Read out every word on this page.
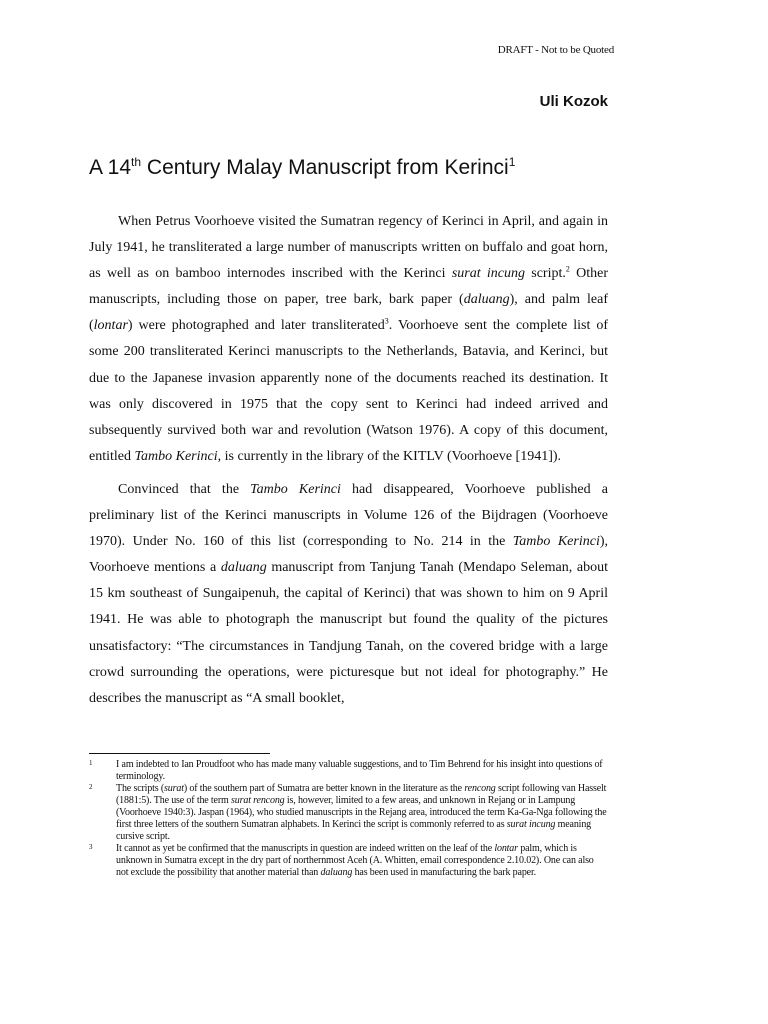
DRAFT - Not to be Quoted
Uli Kozok
A 14th Century Malay Manuscript from Kerinci$^1$

When Petrus Voorhoeve visited the Sumatran regency of Kerinci in April, and again in July 1941, he transliterated a large number of manuscripts written on buffalo and goat horn, as well as on bamboo internodes inscribed with the Kerinci surat incung script.$^2$ Other manuscripts, including those on paper, tree bark, bark paper (daluang), and palm leaf (lontar) were photographed and later transliterated$^3$. Voorhoeve sent the complete list of some 200 transliterated Kerinci manuscripts to the Netherlands, Batavia, and Kerinci, but due to the Japanese invasion apparently none of the documents reached its destination. It was only discovered in 1975 that the copy sent to Kerinci had indeed arrived and subsequently survived both war and revolution (Watson 1976). A copy of this document, entitled Tambo Kerinci, is currently in the library of the KITLV (Voorhoeve [1941]).

Convinced that the Tambo Kerinci had disappeared, Voorhoeve published a preliminary list of the Kerinci manuscripts in Volume 126 of the Bijdragen (Voorhoeve 1970). Under No. 160 of this list (corresponding to No. 214 in the Tambo Kerinci), Voorhoeve mentions a daluang manuscript from Tanjung Tanah (Mendapo Seleman, about 15 km southeast of Sungaipenuh, the capital of Kerinci) that was shown to him on 9 April 1941. He was able to photograph the manuscript but found the quality of the pictures unsatisfactory: “The circumstances in Tandjung Tanah, on the covered bridge with a large crowd surrounding the operations, were picturesque but not ideal for photography.” He describes the manuscript as “A small booklet,

1 I am indebted to Ian Proudfoot who has made many valuable suggestions, and to Tim Behrend for his insight into questions of terminology.
2 The scripts (surat) of the southern part of Sumatra are better known in the literature as the rencong script following van Hasselt (1881:5). The use of the term surat rencong is, however, limited to a few areas, and unknown in Rejang or in Lampung (Voorhoeve 1940:3). Jaspan (1964), who studied manuscripts in the Rejang area, introduced the term Ka-Ga-Nga following the first three letters of the southern Sumatran alphabets. In Kerinci the script is commonly referred to as surat incung meaning cursive script.
3 It cannot as yet be confirmed that the manuscripts in question are indeed written on the leaf of the lontar palm, which is unknown in Sumatra except in the dry part of northernmost Aceh (A. Whitten, email correspondence 2.10.02). One can also not exclude the possibility that another material than daluang has been used in manufacturing the bark paper.
